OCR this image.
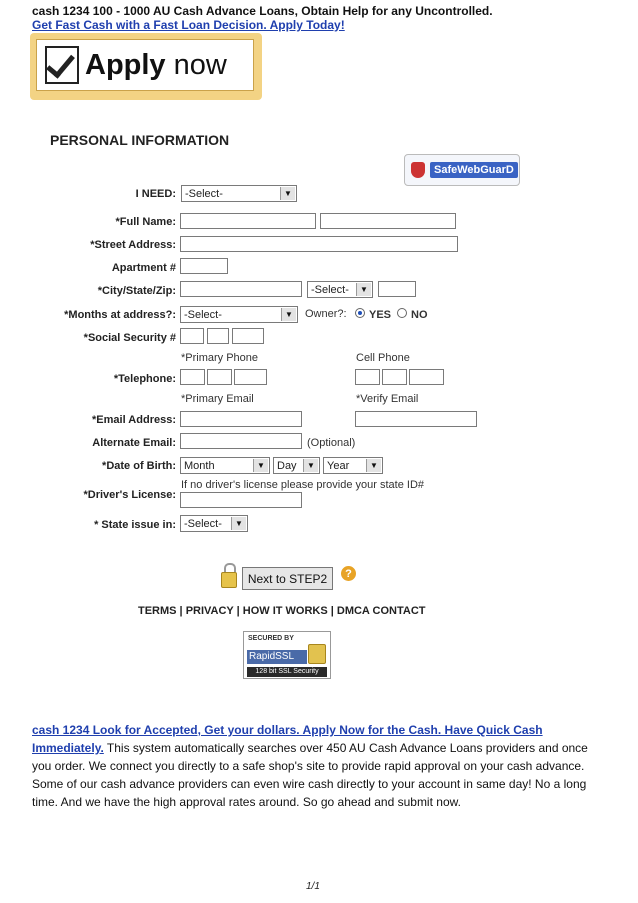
cash 1234 100 - 1000 AU Cash Advance Loans, Obtain Help for any Uncontrolled.
Get Fast Cash with a Fast Loan Decision. Apply Today!
Apply now
PERSONAL INFORMATION
SafeWebGuarD
I NEED: -Select-	▼
*Full Name:
*Street Address:
Apartment #
*City/State/Zip:	-Select-	▼
*Months at address?: -Select-	▼ Owner?: YES NO
*Social Security #
*Primary Phone	Cell Phone
*Telephone:
*Primary Email	*Verify Email
*Email Address:
Alternate Email:	(Optional)
*Date of Birth: Month	▼ Day	▼ Year	▼
If no driver's license please provide your state ID#
*Driver's License:
* State issue in: -Select-	▼
Next to STEP2	?
TERMS | PRIVACY | HOW IT WORKS | DMCA CONTACT
SECURED BY
RapidSSL
128 bit SSL Security
cash 1234 Look for Accepted, Get your dollars. Apply Now for the Cash. Have Quick Cash Immediately. This system automatically searches over 450 AU Cash Advance Loans providers and once you order. We connect you directly to a safe shop's site to provide rapid approval on your cash advance. Some of our cash advance providers can even wire cash directly to your account in same day! No a long time. And we have the high approval rates around. So go ahead and submit now.
1/1
